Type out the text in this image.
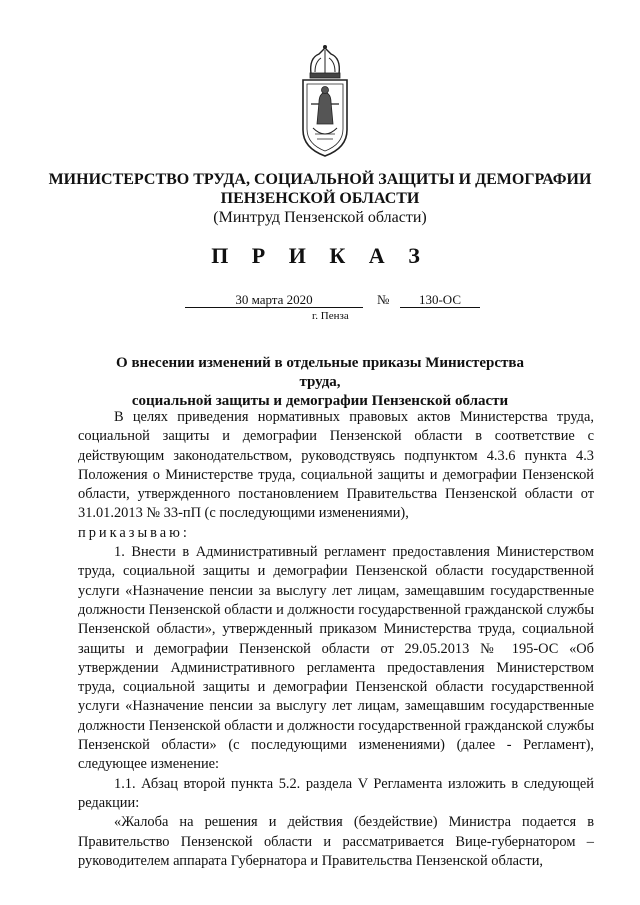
МИНИСТЕРСТВО ТРУДА, СОЦИАЛЬНОЙ ЗАЩИТЫ И ДЕМОГРАФИИ

ПЕНЗЕНСКОЙ ОБЛАСТИ

(Минтруд Пензенской области)

П Р И К А З

30 марта 2020	№	130-ОС
г. Пенза
О внесении изменений в отдельные приказы Министерства труда,
социальной защиты и демографии Пензенской области

В целях приведения нормативных правовых актов Министерства труда, социальной защиты и демографии Пензенской области в соответствие с действующим законодательством, руководствуясь подпунктом 4.3.6 пункта 4.3 Положения о Министерстве труда, социальной защиты и демографии Пензенской области, утвержденного постановлением Правительства Пензенской области от 31.01.2013 № 33-пП (с последующими изменениями),

приказываю:

1. Внести в Административный регламент предоставления Министерством труда, социальной защиты и демографии Пензенской области государственной услуги «Назначение пенсии за выслугу лет лицам, замещавшим государственные должности Пензенской области и должности государственной гражданской службы Пензенской области», утвержденный приказом Министерства труда, социальной защиты и демографии Пензенской области от 29.05.2013 № 195-ОС «Об утверждении Административного регламента предоставления Министерством труда, социальной защиты и демографии Пензенской области государственной услуги «Назначение пенсии за выслугу лет лицам, замещавшим государственные должности Пензенской области и должности государственной гражданской службы Пензенской области» (с последующими изменениями) (далее - Регламент), следующее изменение:

1.1. Абзац второй пункта 5.2. раздела V Регламента изложить в следующей редакции:

«Жалоба на решения и действия (бездействие) Министра подается в Правительство Пензенской области и рассматривается Вице-губернатором – руководителем аппарата Губернатора и Правительства Пензенской области,
